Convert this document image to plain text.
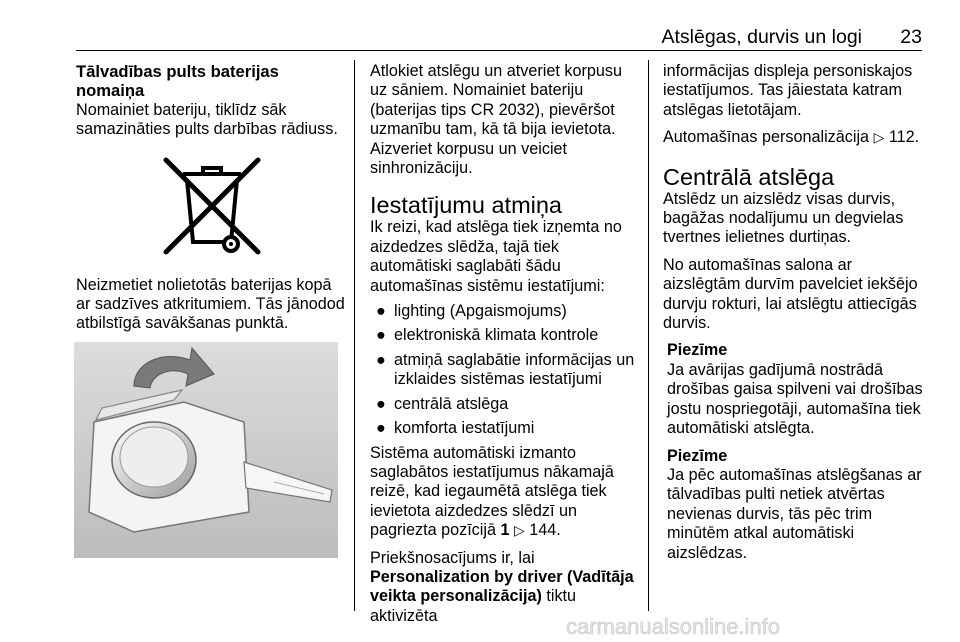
Atslēgas, durvis un logi 23

Tālvadības pults baterijas nomaiņa

Nomainiet bateriju, tiklīdz sāk samazināties pults darbības rādiuss.

Neizmetiet nolietotās baterijas kopā ar sadzīves atkritumiem. Tās jānodod atbilstīgā savākšanas punktā.

Atlokiet atslēgu un atveriet korpusu uz sāniem. Nomainiet bateriju (baterijas tips CR 2032), pievēršot uzmanību tam, kā tā bija ievietota. Aizveriet korpusu un veiciet sinhronizāciju.

Iestatījumu atmiņa

Ik reizi, kad atslēga tiek izņemta no aizdedzes slēdža, tajā tiek automātiski saglabāti šādu automašīnas sistēmu iestatījumi:

● lighting (Apgaismojums)
● elektroniskā klimata kontrole
● atmiņā saglabātie informācijas un izklaides sistēmas iestatījumi
● centrālā atslēga
● komforta iestatījumi

Sistēma automātiski izmanto saglabātos iestatījumus nākamajā reizē, kad iegaumētā atslēga tiek ievietota aizdedzes slēdzī un pagriezta pozīcijā 1 ▷ 144.

Priekšnosacījums ir, lai Personalization by driver (Vadītāja veikta personalizācija) tiktu aktivizēta

informācijas displeja personiskajos iestatījumos. Tas jāiestata katram atslēgas lietotājam.

Automašīnas personalizācija ▷ 112.

Centrālā atslēga

Atslēdz un aizslēdz visas durvis, bagāžas nodalījumu un degvielas tvertnes ielietnes durtiņas.

No automašīnas salona ar aizslēgtām durvīm pavelciet iekšējo durvju rokturi, lai atslēgtu attiecīgās durvis.

Piezīme

Ja avārijas gadījumā nostrādā drošības gaisa spilveni vai drošības jostu nospriegotāji, automašīna tiek automātiski atslēgta.

Piezīme

Ja pēc automašīnas atslēgšanas ar tālvadības pulti netiek atvērtas nevienas durvis, tās pēc trim minūtēm atkal automātiski aizslēdzas.

carmanualsonline.info
